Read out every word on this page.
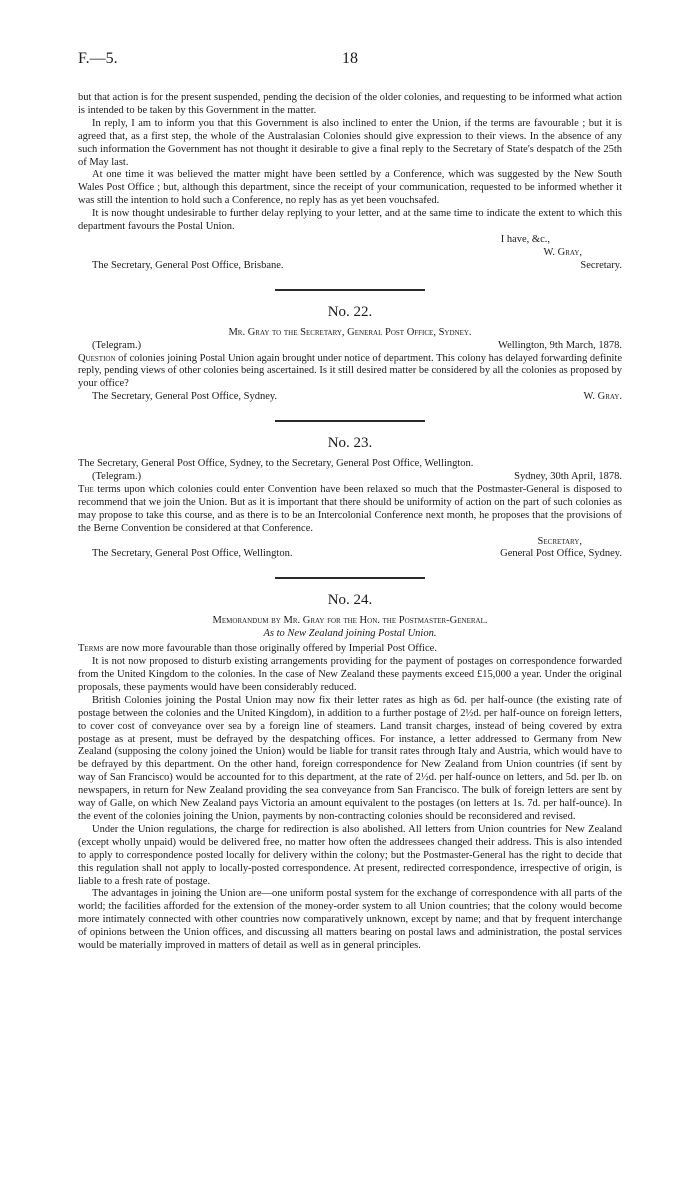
F.—5.	18

but that action is for the present suspended, pending the decision of the older colonies, and requesting to be informed what action is intended to be taken by this Government in the matter.

In reply, I am to inform you that this Government is also inclined to enter the Union, if the terms are favourable ; but it is agreed that, as a first step, the whole of the Australasian Colonies should give expression to their views. In the absence of any such information the Government has not thought it desirable to give a final reply to the Secretary of State's despatch of the 25th of May last.

At one time it was believed the matter might have been settled by a Conference, which was suggested by the New South Wales Post Office ; but, although this department, since the receipt of your communication, requested to be informed whether it was still the intention to hold such a Conference, no reply has as yet been vouchsafed.

It is now thought undesirable to further delay replying to your letter, and at the same time to indicate the extent to which this department favours the Postal Union.

I have, &c.,

W. Gray,

The Secretary, General Post Office, Brisbane.	Secretary.

No. 22.

Mr. Gray to the Secretary, General Post Office, Sydney.

(Telegram.)	Wellington, 9th March, 1878.

Question of colonies joining Postal Union again brought under notice of department. This colony has delayed forwarding definite reply, pending views of other colonies being ascertained. Is it still desired matter be considered by all the colonies as proposed by your office?

The Secretary, General Post Office, Sydney.	W. Gray.

No. 23.

The Secretary, General Post Office, Sydney, to the Secretary, General Post Office, Wellington.

(Telegram.)	Sydney, 30th April, 1878.

The terms upon which colonies could enter Convention have been relaxed so much that the Postmaster-General is disposed to recommend that we join the Union. But as it is important that there should be uniformity of action on the part of such colonies as may propose to take this course, and as there is to be an Intercolonial Conference next month, he proposes that the provisions of the Berne Convention be considered at that Conference.

Secretary,

The Secretary, General Post Office, Wellington.	General Post Office, Sydney.

No. 24.

Memorandum by Mr. Gray for the Hon. the Postmaster-General.

As to New Zealand joining Postal Union.

Terms are now more favourable than those originally offered by Imperial Post Office.

It is not now proposed to disturb existing arrangements providing for the payment of postages on correspondence forwarded from the United Kingdom to the colonies. In the case of New Zealand these payments exceed £15,000 a year. Under the original proposals, these payments would have been considerably reduced.

British Colonies joining the Postal Union may now fix their letter rates as high as 6d. per half-ounce (the existing rate of postage between the colonies and the United Kingdom), in addition to a further postage of 2½d. per half-ounce on foreign letters, to cover cost of conveyance over sea by a foreign line of steamers. Land transit charges, instead of being covered by extra postage as at present, must be defrayed by the despatching offices. For instance, a letter addressed to Germany from New Zealand (supposing the colony joined the Union) would be liable for transit rates through Italy and Austria, which would have to be defrayed by this department. On the other hand, foreign correspondence for New Zealand from Union countries (if sent by way of San Francisco) would be accounted for to this department, at the rate of 2½d. per half-ounce on letters, and 5d. per lb. on newspapers, in return for New Zealand providing the sea conveyance from San Francisco. The bulk of foreign letters are sent by way of Galle, on which New Zealand pays Victoria an amount equivalent to the postages (on letters at 1s. 7d. per half-ounce). In the event of the colonies joining the Union, payments by non-contracting colonies should be reconsidered and revised.

Under the Union regulations, the charge for redirection is also abolished. All letters from Union countries for New Zealand (except wholly unpaid) would be delivered free, no matter how often the addressees changed their address. This is also intended to apply to correspondence posted locally for delivery within the colony; but the Postmaster-General has the right to decide that this regulation shall not apply to locally-posted correspondence. At present, redirected correspondence, irrespective of origin, is liable to a fresh rate of postage.

The advantages in joining the Union are—one uniform postal system for the exchange of correspondence with all parts of the world; the facilities afforded for the extension of the money-order system to all Union countries; that the colony would become more intimately connected with other countries now comparatively unknown, except by name; and that by frequent interchange of opinions between the Union offices, and discussing all matters bearing on postal laws and administration, the postal services would be materially improved in matters of detail as well as in general principles.
